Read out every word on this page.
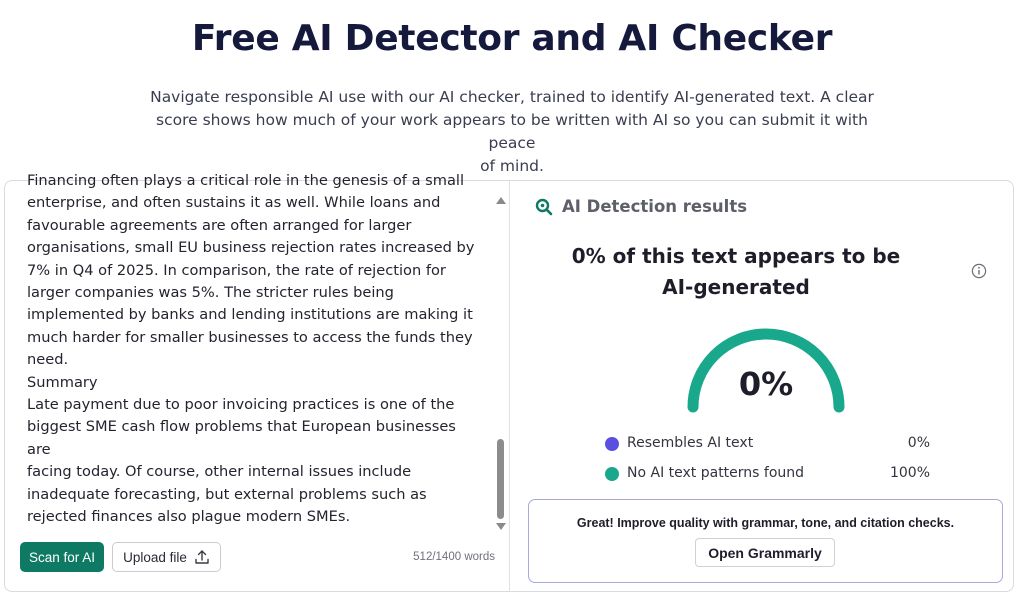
Free AI Detector and AI Checker
Navigate responsible AI use with our AI checker, trained to identify AI-generated text. A clear
score shows how much of your work appears to be written with AI so you can submit it with peace
of mind.
Financing often plays a critical role in the genesis of a small
enterprise, and often sustains it as well. While loans and
favourable agreements are often arranged for larger
organisations, small EU business rejection rates increased by
7% in Q4 of 2025. In comparison, the rate of rejection for
larger companies was 5%. The stricter rules being
implemented by banks and lending institutions are making it
much harder for smaller businesses to access the funds they
need.
Summary
Late payment due to poor invoicing practices is one of the
biggest SME cash flow problems that European businesses are
facing today. Of course, other internal issues include
inadequate forecasting, but external problems such as
rejected finances also plague modern SMEs.
Scan for AI	Upload file	512/1400 words
AI Detection results
0% of this text appears to be AI-generated
0%
Resembles AI text	0%
No AI text patterns found	100%
Great! Improve quality with grammar, tone, and citation checks.
Open Grammarly
